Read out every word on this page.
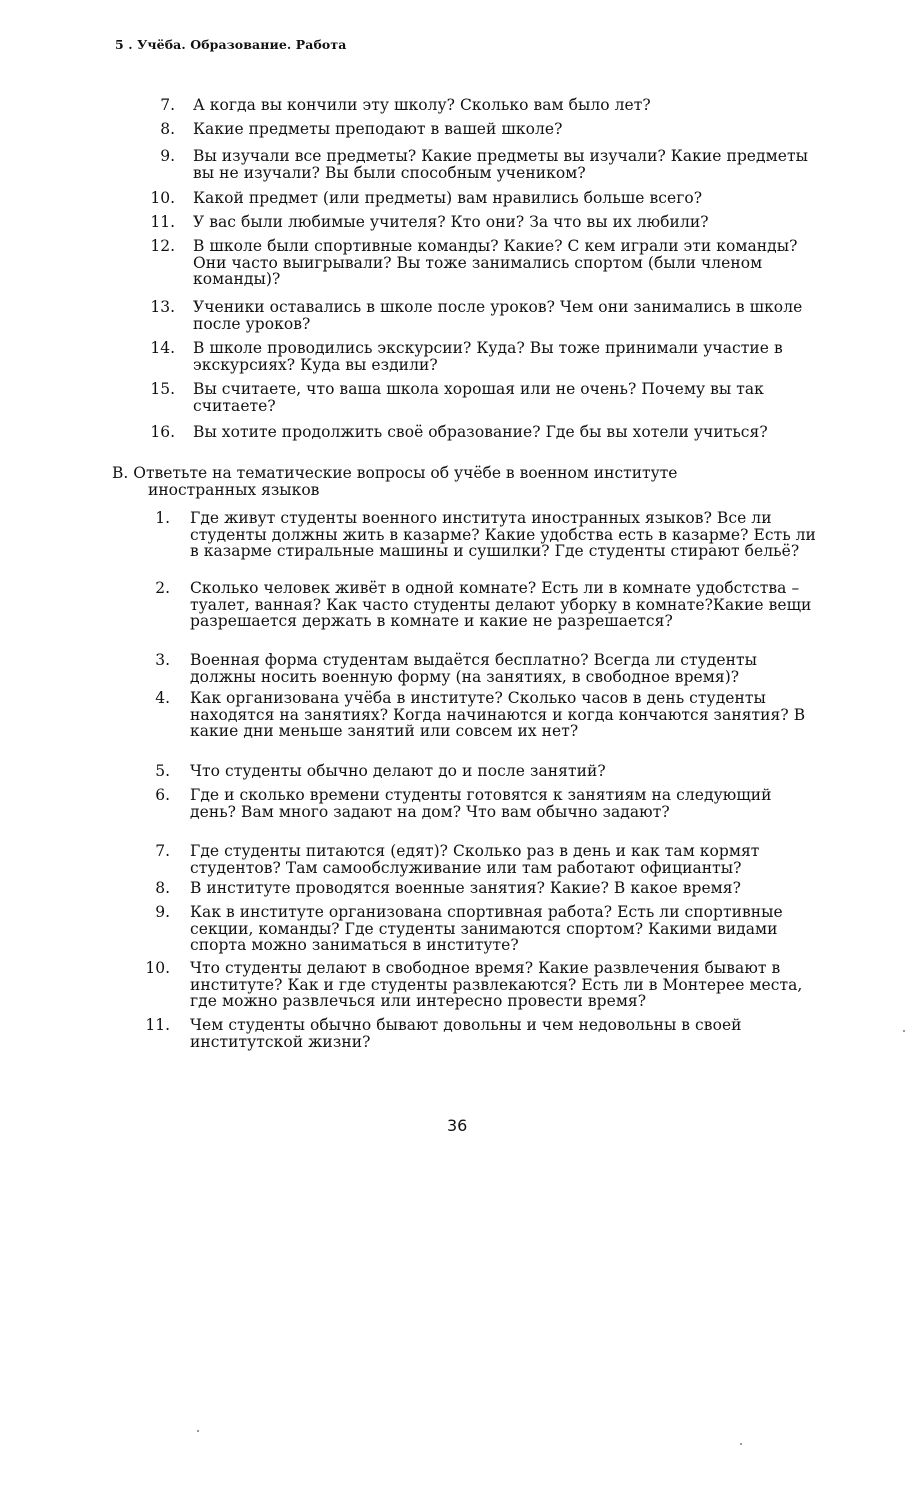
5 . Учёба. Образование. Работа
7. А когда вы кончили эту школу? Сколько вам было лет?
8. Какие предметы преподают в вашей школе?
9. Вы изучали все предметы? Какие предметы вы изучали? Какие предметы вы не изучали? Вы были способным учеником?
10. Какой предмет (или предметы) вам нравились больше всего?
11. У вас были любимые учителя? Кто они? За что вы их любили?
12. В школе были спортивные команды? Какие? С кем играли эти команды? Они часто выигрывали? Вы тоже занимались спортом (были членом команды)?
13. Ученики оставались в школе после уроков? Чем они занимались в школе после уроков?
14. В школе проводились экскурсии? Куда? Вы тоже принимали участие в экскурсиях? Куда вы ездили?
15. Вы считаете, что ваша школа хорошая или не очень? Почему вы так считаете?
16. Вы хотите продолжить своё образование? Где бы вы хотели учиться?
B. Ответьте на тематические вопросы об учёбе в военном институте
иностранных языков
1. Где живут студенты военного института иностранных языков? Все ли студенты должны жить в казарме? Какие удобства есть в казарме? Есть ли в казарме стиральные машины и сушилки? Где студенты стирают бельё?
2. Сколько человек живёт в одной комнате? Есть ли в комнате удобстства – туалет, ванная? Как часто студенты делают уборку в комнате?Какие вещи разрешается держать в комнате и какие не разрешается?
3. Военная форма студентам выдаётся бесплатно? Всегда ли студенты должны носить военную форму (на занятиях, в свободное время)?
4. Как организована учёба в институте? Сколько часов в день студенты находятся на занятиях? Когда начинаются и когда кончаются занятия? В какие дни меньше занятий или совсем их нет?
5. Что студенты обычно делают до и после занятий?
6. Где и сколько времени студенты готовятся к занятиям на следующий день? Вам много задают на дом? Что вам обычно задают?
7. Где студенты питаются (едят)? Сколько раз в день и как там кормят студентов? Там самообслуживание или там работают официанты?
8. В институте проводятся военные занятия? Какие? В какое время?
9. Как в институте организована спортивная работа? Есть ли спортивные секции, команды? Где студенты занимаются спортом? Какими видами спорта можно заниматься в институте?
10. Что студенты делают в свободное время? Какие развлечения бывают в институте? Как и где студенты развлекаются? Есть ли в Монтерее места, где можно развлечься или интересно провести время?
11. Чем студенты обычно бывают довольны и чем недовольны в своей институтской жизни?
36
